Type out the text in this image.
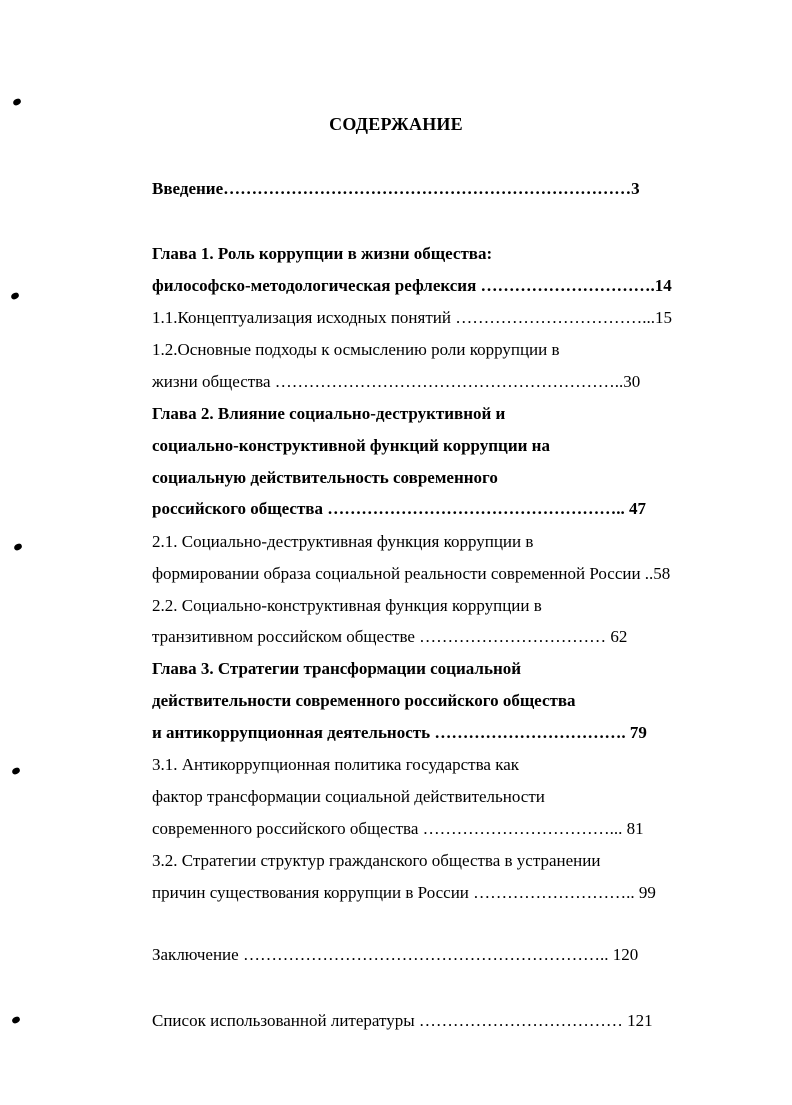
СОДЕРЖАНИЕ
Введение………………………………………………………………3
Глава 1. Роль коррупции в жизни общества:
философско-методологическая рефлексия ………………………….14
1.1.Концептуализация исходных понятий ……………………………...15
1.2.Основные подходы к осмыслению роли коррупции в
жизни общества ……………………………………………………..30
Глава 2. Влияние социально-деструктивной и
социально-конструктивной функций коррупции на
социальную действительность современного
российского общества …………………………………………….. 47
2.1. Социально-деструктивная функция коррупции в
формировании образа социальной реальности современной России ..58
2.2. Социально-конструктивная функция коррупции в
транзитивном российском обществе …………………………… 62
Глава 3. Стратегии трансформации социальной
действительности современного российского общества
и антикоррупционная деятельность ……………………………. 79
3.1. Антикоррупционная политика государства как
фактор трансформации социальной действительности
современного российского общества ……………………………... 81
3.2. Стратегии структур гражданского общества в устранении
причин существования коррупции в России ……………………….. 99
Заключение ……………………………………………………….. 120
Список использованной литературы ……………………………… 121
